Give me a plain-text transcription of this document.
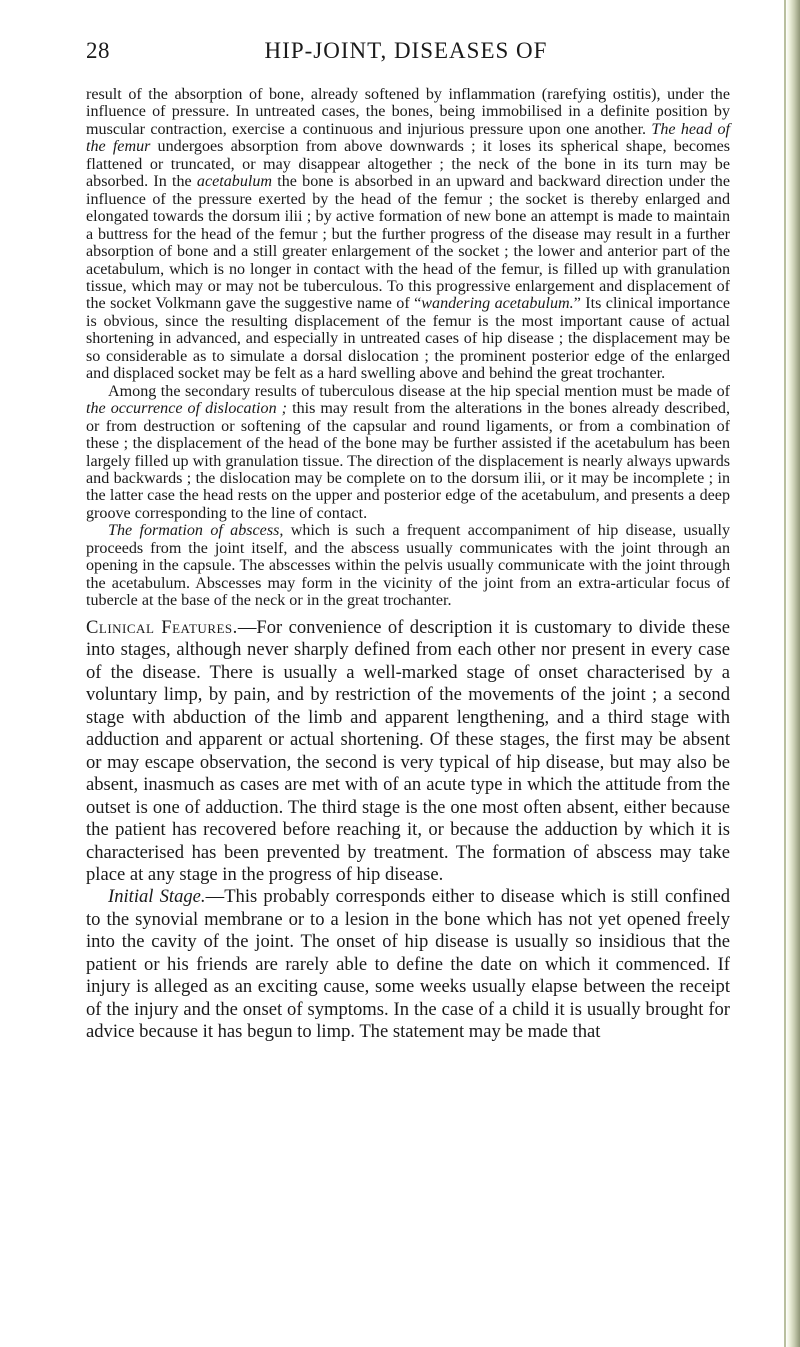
28	HIP-JOINT, DISEASES OF

result of the absorption of bone, already softened by inflammation (rarefying ostitis), under the influence of pressure. In untreated cases, the bones, being immobilised in a definite position by muscular contraction, exercise a continuous and injurious pressure upon one another. The head of the femur undergoes absorption from above downwards ; it loses its spherical shape, becomes flattened or truncated, or may disappear altogether ; the neck of the bone in its turn may be absorbed. In the acetabulum the bone is absorbed in an upward and backward direction under the influence of the pressure exerted by the head of the femur ; the socket is thereby enlarged and elongated towards the dorsum ilii ; by active formation of new bone an attempt is made to maintain a buttress for the head of the femur ; but the further progress of the disease may result in a further absorption of bone and a still greater enlargement of the socket ; the lower and anterior part of the acetabulum, which is no longer in contact with the head of the femur, is filled up with granulation tissue, which may or may not be tuberculous. To this progressive enlargement and displacement of the socket Volkmann gave the suggestive name of “wandering acetabulum.” Its clinical importance is obvious, since the resulting displacement of the femur is the most important cause of actual shortening in advanced, and especially in untreated cases of hip disease ; the displacement may be so considerable as to simulate a dorsal dislocation ; the prominent posterior edge of the enlarged and displaced socket may be felt as a hard swelling above and behind the great trochanter.

Among the secondary results of tuberculous disease at the hip special mention must be made of the occurrence of dislocation ; this may result from the alterations in the bones already described, or from destruction or softening of the capsular and round ligaments, or from a combination of these ; the displacement of the head of the bone may be further assisted if the acetabulum has been largely filled up with granulation tissue. The direction of the displacement is nearly always upwards and backwards ; the dislocation may be complete on to the dorsum ilii, or it may be incomplete ; in the latter case the head rests on the upper and posterior edge of the acetabulum, and presents a deep groove corresponding to the line of contact.

The formation of abscess, which is such a frequent accompaniment of hip disease, usually proceeds from the joint itself, and the abscess usually communicates with the joint through an opening in the capsule. The abscesses within the pelvis usually communicate with the joint through the acetabulum. Abscesses may form in the vicinity of the joint from an extra-articular focus of tubercle at the base of the neck or in the great trochanter.

Clinical Features.—For convenience of description it is customary to divide these into stages, although never sharply defined from each other nor present in every case of the disease. There is usually a well-marked stage of onset characterised by a voluntary limp, by pain, and by restriction of the movements of the joint ; a second stage with abduction of the limb and apparent lengthening, and a third stage with adduction and apparent or actual shortening. Of these stages, the first may be absent or may escape observation, the second is very typical of hip disease, but may also be absent, inasmuch as cases are met with of an acute type in which the attitude from the outset is one of adduction. The third stage is the one most often absent, either because the patient has recovered before reaching it, or because the adduction by which it is characterised has been prevented by treatment. The formation of abscess may take place at any stage in the progress of hip disease.

Initial Stage.—This probably corresponds either to disease which is still confined to the synovial membrane or to a lesion in the bone which has not yet opened freely into the cavity of the joint. The onset of hip disease is usually so insidious that the patient or his friends are rarely able to define the date on which it commenced. If injury is alleged as an exciting cause, some weeks usually elapse between the receipt of the injury and the onset of symptoms. In the case of a child it is usually brought for advice because it has begun to limp. The statement may be made that
